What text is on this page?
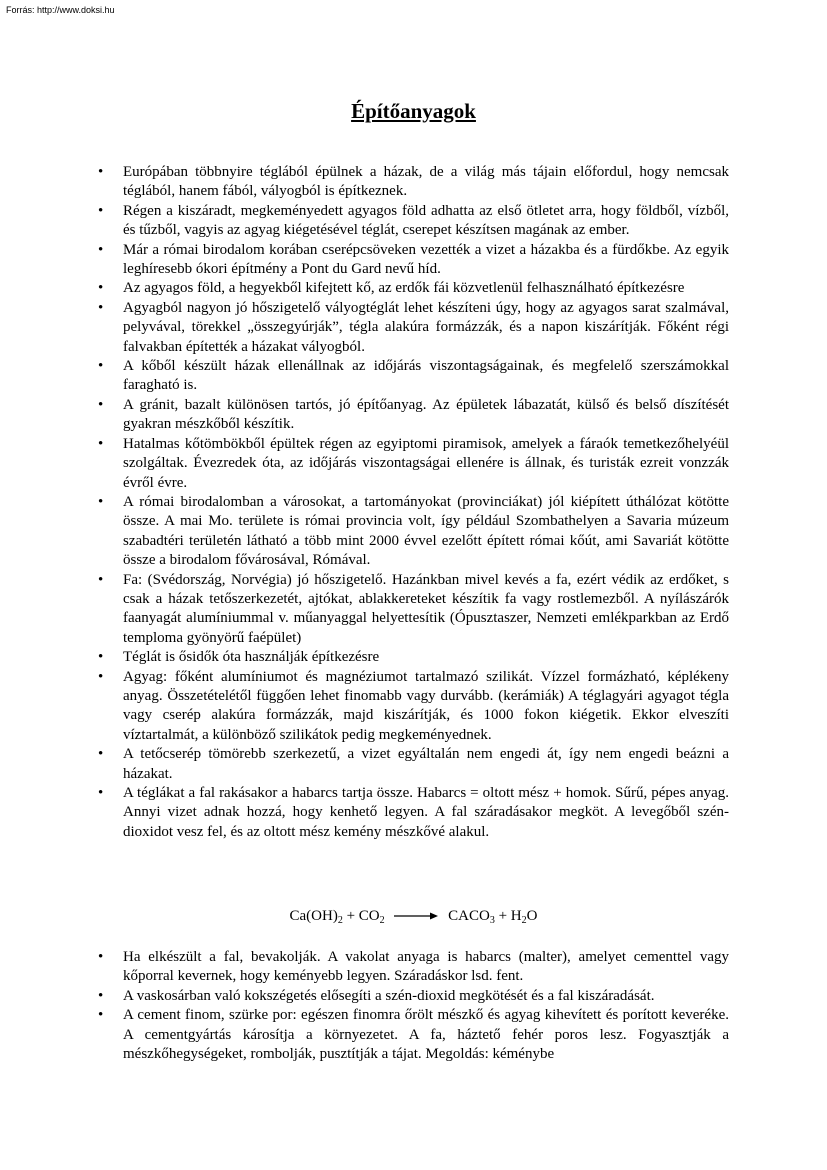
Forrás: http://www.doksi.hu
Építőanyagok
• Európában többnyire téglából épülnek a házak, de a világ más tájain előfordul, hogy nemcsak téglából, hanem fából, vályogból is építkeznek.
• Régen a kiszáradt, megkeményedett agyagos föld adhatta az első ötletet arra, hogy földből, vízből, és tűzből, vagyis az agyag kiégetésével téglát, cserepet készítsen magának az ember.
• Már a római birodalom korában cserépcsöveken vezették a vizet a házakba és a fürdőkbe. Az egyik leghíresebb ókori építmény a Pont du Gard nevű híd.
• Az agyagos föld, a hegyekből kifejtett kő, az erdők fái közvetlenül felhasználható építkezésre
• Agyagból nagyon jó hőszigetelő vályogtéglát lehet készíteni úgy, hogy az agyagos sarat szalmával, pelyvával, törekkel „összegyúrják”, tégla alakúra formázzák, és a napon kiszárítják. Főként régi falvakban építették a házakat vályogból.
• A kőből készült házak ellenállnak az időjárás viszontagságainak, és megfelelő szerszámokkal faragható is.
• A gránit, bazalt különösen tartós, jó építőanyag. Az épületek lábazatát, külső és belső díszítését gyakran mészkőből készítik.
• Hatalmas kőtömbökből épültek régen az egyiptomi piramisok, amelyek a fáraók temetkezőhelyéül szolgáltak. Évezredek óta, az időjárás viszontagságai ellenére is állnak, és turisták ezreit vonzzák évről évre.
• A római birodalomban a városokat, a tartományokat (provinciákat) jól kiépített úthálózat kötötte össze. A mai Mo. területe is római provincia volt, így például Szombathelyen a Savaria múzeum szabadtéri területén látható a több mint 2000 évvel ezelőtt épített római kőút, ami Savariát kötötte össze a birodalom fővárosával, Rómával.
• Fa: (Svédország, Norvégia) jó hőszigetelő. Hazánkban mivel kevés a fa, ezért védik az erdőket, s csak a házak tetőszerkezetét, ajtókat, ablakkereteket készítik fa vagy rostlemezből. A nyílászárók faanyagát alumíniummal v. műanyaggal helyettesítik (Ópusztaszer, Nemzeti emlékparkban az Erdő temploma gyönyörű faépület)
• Téglát is ősidők óta használják építkezésre
• Agyag: főként alumíniumot és magnéziumot tartalmazó szilikát. Vízzel formázható, képlékeny anyag. Összetételétől függően lehet finomabb vagy durvább. (kerámiák) A téglagyári agyagot tégla vagy cserép alakúra formázzák, majd kiszárítják, és 1000 fokon kiégetik. Ekkor elveszíti víztartalmát, a különböző szilikátok pedig megkeményednek.
• A tetőcserép tömörebb szerkezetű, a vizet egyáltalán nem engedi át, így nem engedi beázni a házakat.
• A téglákat a fal rakásakor a habarcs tartja össze. Habarcs = oltott mész + homok. Sűrű, pépes anyag. Annyi vizet adnak hozzá, hogy kenhető legyen. A fal száradásakor megköt. A levegőből szén-dioxidot vesz fel, és az oltott mész kemény mészkővé alakul.
$Ca(OH)_2 + CO_2$ → $CACO_3 + H_2O$
• Ha elkészült a fal, bevakolják. A vakolat anyaga is habarcs (malter), amelyet cementtel vagy kőporral kevernek, hogy keményebb legyen. Száradáskor lsd. fent.
• A vaskosárban való kokszégetés elősegíti a szén-dioxid megkötését és a fal kiszáradását.
• A cement finom, szürke por: egészen finomra őrölt mészkő és agyag kihevített és porított keveréke. A cementgyártás károsítja a környezetet. A fa, háztető fehér poros lesz. Fogyasztják a mészkőhegységeket, rombolják, pusztítják a tájat. Megoldás: kéménybe
